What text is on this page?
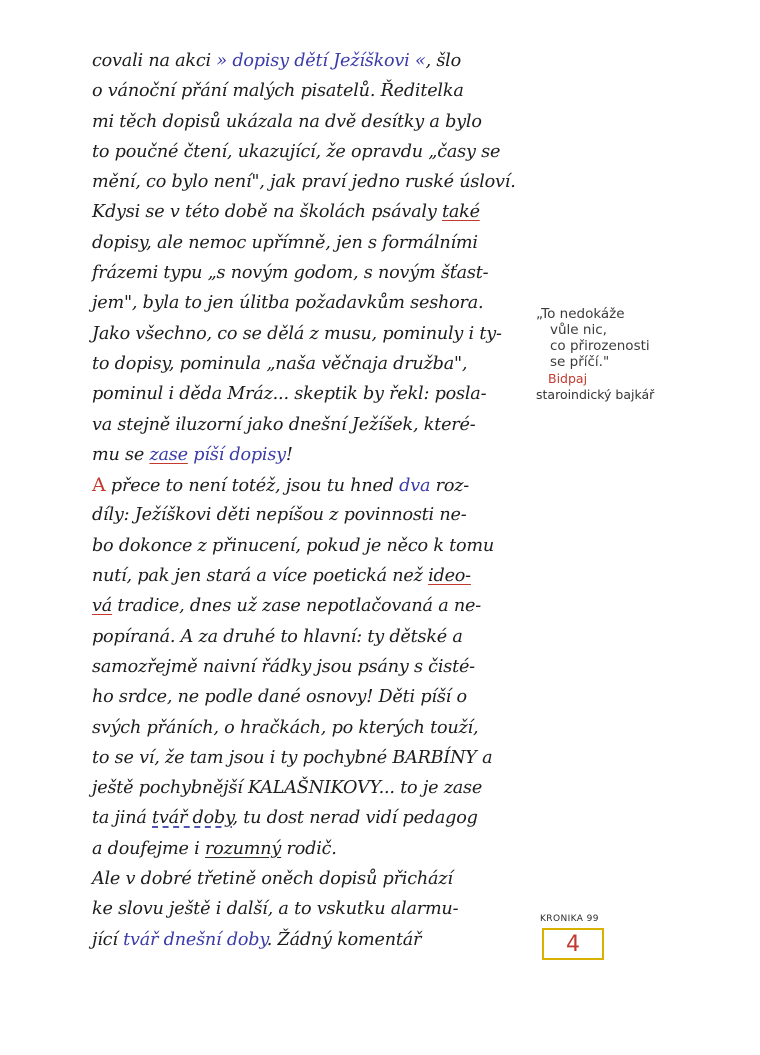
covali na akci » dopisy dětí Ježíškovi «, šlo
o vánoční přání malých pisatelů. Ředitelka
mi těch dopisů ukázala na dvě desítky a bylo
to poučné čtení, ukazující, že opravdu „časy se
mění, co bylo není", jak praví jedno ruské úsloví.
Kdysi se v této době na školách psávaly také
dopisy, ale nemoc upřímně, jen s formálními
frázemi typu „s novým godom, s novým šťast-
jem", byla to jen úlitba požadavkům seshora.
Jako všechno, co se dělá z musu, pominuly i ty-
to dopisy, pominula „naša věčnaja družba",
pominul i děda Mráz... skeptik by řekl: posla-
va stejně iluzorní jako dnešní Ježíšek, které-
mu se zase píší dopisy!
A přece to není totéž, jsou tu hned dva roz-
díly: Ježíškovi děti nepíšou z povinnosti ne-
bo dokonce z přinucení, pokud je něco k tomu
nutí, pak jen stará a více poetická než ideo-
vá tradice, dnes už zase nepotlačovaná a ne-
popíraná. A za druhé to hlavní: ty dětské a
samozřejmě naivní řádky jsou psány s čisté-
ho srdce, ne podle dané osnovy! Děti píší o
svých přáních, o hračkách, po kterých touží,
to se ví, že tam jsou i ty pochybné BARBÍNY a
ještě pochybnější KALAŠNIKOVY... to je zase
ta jiná tvář doby, tu dost nerad vidí pedagog
a doufejme i rozumný rodič.
Ale v dobré třetině oněch dopisů přichází
ke slovu ještě i další, a to vskutku alarmu-
jící tvář dnešní doby. Žádný komentář
„To nedokáže
vůle nic,
co přirozenosti
se příčí."
Bidpaj
staroindický bajkář
KRONIKA 99
4
